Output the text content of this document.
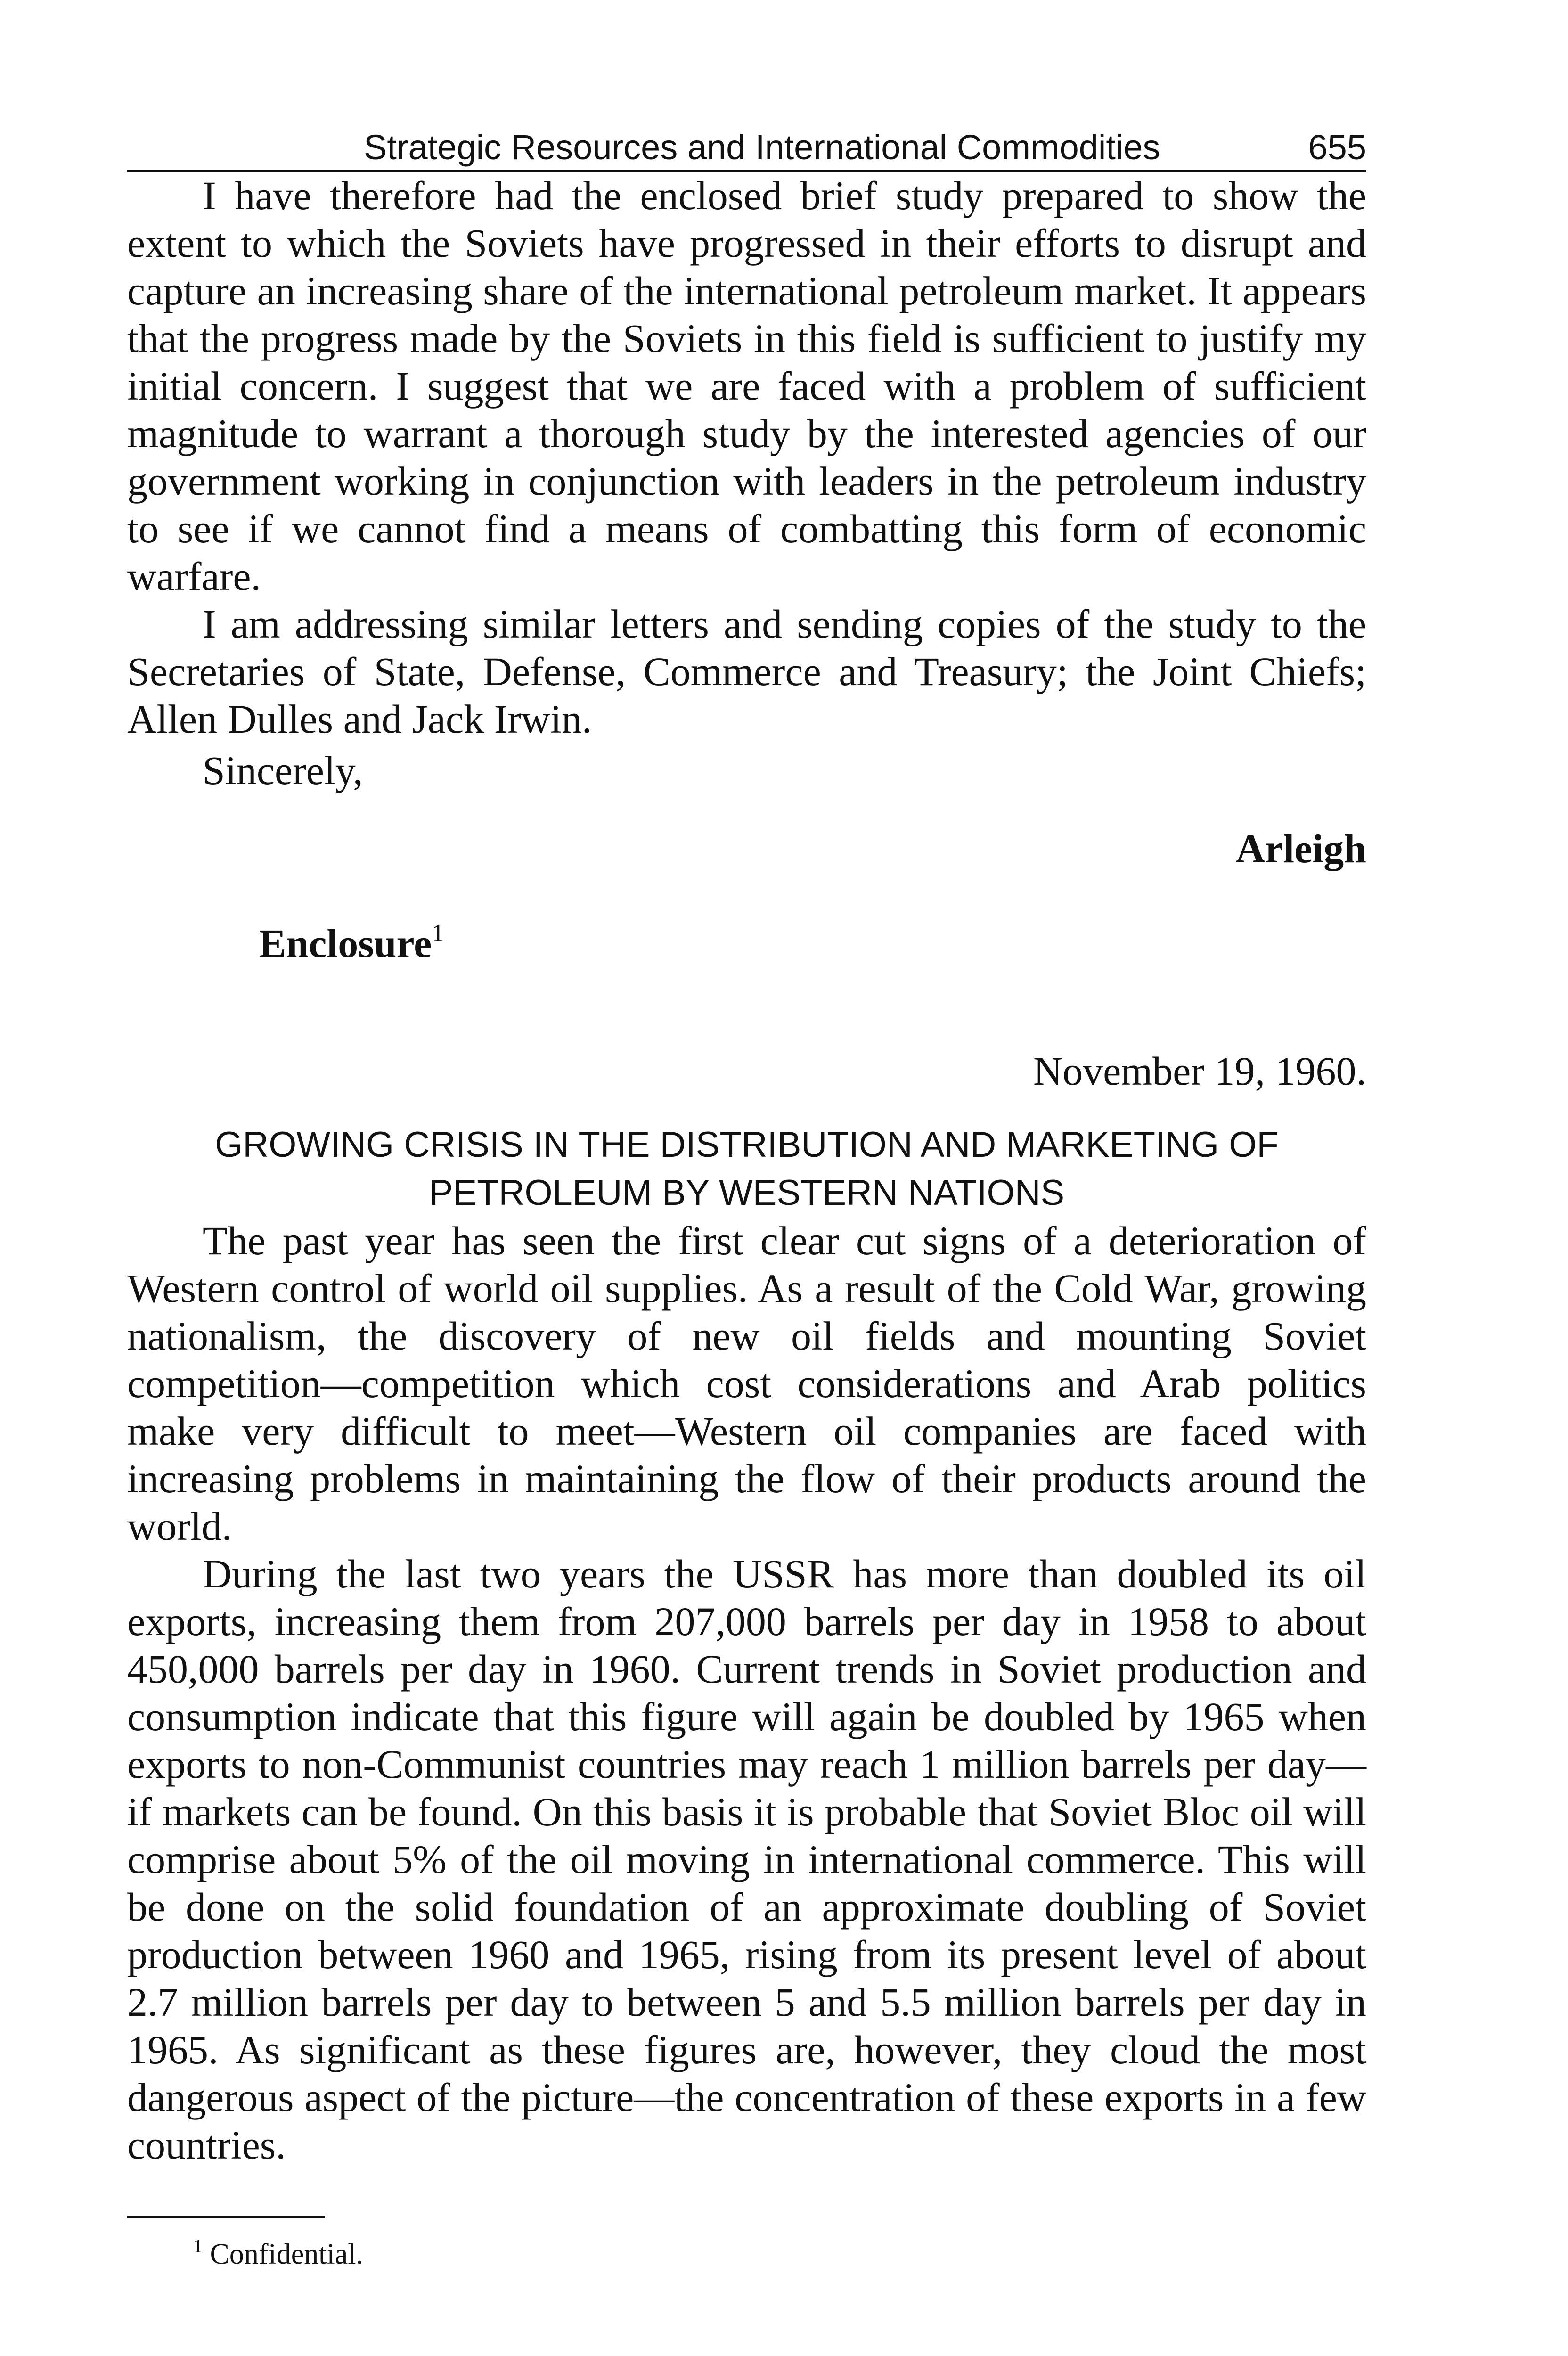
Strategic Resources and International Commodities	655

I have therefore had the enclosed brief study prepared to show the extent to which the Soviets have progressed in their efforts to disrupt and capture an increasing share of the international petroleum market. It appears that the progress made by the Soviets in this field is sufficient to justify my initial concern. I suggest that we are faced with a problem of sufficient magnitude to warrant a thorough study by the interested agencies of our government working in conjunction with leaders in the petroleum industry to see if we cannot find a means of combatting this form of economic warfare.

I am addressing similar letters and sending copies of the study to the Secretaries of State, Defense, Commerce and Treasury; the Joint Chiefs; Allen Dulles and Jack Irwin.

Sincerely,
Arleigh
Enclosure$^1$
November 19, 1960.
GROWING CRISIS IN THE DISTRIBUTION AND MARKETING OF
PETROLEUM BY WESTERN NATIONS

The past year has seen the first clear cut signs of a deterioration of Western control of world oil supplies. As a result of the Cold War, growing nationalism, the discovery of new oil fields and mounting Soviet competition—competition which cost considerations and Arab politics make very difficult to meet—Western oil companies are faced with increasing problems in maintaining the flow of their products around the world.

During the last two years the USSR has more than doubled its oil exports, increasing them from 207,000 barrels per day in 1958 to about 450,000 barrels per day in 1960. Current trends in Soviet production and consumption indicate that this figure will again be doubled by 1965 when exports to non-Communist countries may reach 1 million barrels per day—if markets can be found. On this basis it is probable that Soviet Bloc oil will comprise about 5% of the oil moving in international commerce. This will be done on the solid foundation of an approximate doubling of Soviet production between 1960 and 1965, rising from its present level of about 2.7 million barrels per day to between 5 and 5.5 million barrels per day in 1965. As significant as these figures are, however, they cloud the most dangerous aspect of the picture—the concentration of these exports in a few countries.

$^1$ Confidential.
